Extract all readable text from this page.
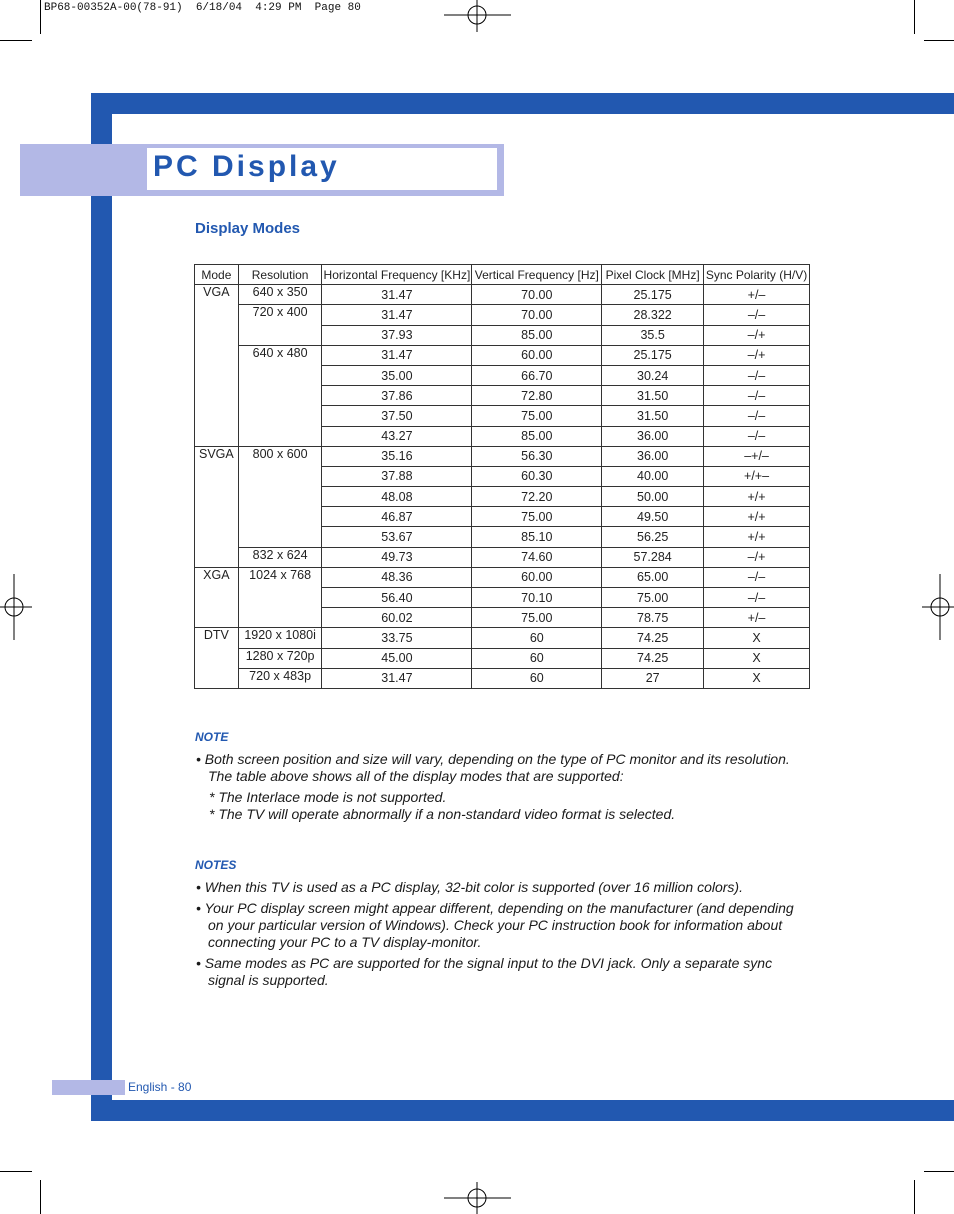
BP68-00352A-00(78-91)  6/18/04  4:29 PM  Page 80
PC Display
Display Modes
Mode	Resolution	Horizontal Frequency [KHz]	Vertical Frequency [Hz]	Pixel Clock [MHz]	Sync Polarity (H/V)
VGA	640 x 350	31.47	70.00	25.175	+/–
	720 x 400	31.47	70.00	28.322	–/–
		37.93	85.00	35.5	–/+
	640 x 480	31.47	60.00	25.175	–/+
		35.00	66.70	30.24	–/–
		37.86	72.80	31.50	–/–
		37.50	75.00	31.50	–/–
		43.27	85.00	36.00	–/–
SVGA	800 x 600	35.16	56.30	36.00	–+/–
		37.88	60.30	40.00	+/+–
		48.08	72.20	50.00	+/+
		46.87	75.00	49.50	+/+
		53.67	85.10	56.25	+/+
	832 x 624	49.73	74.60	57.284	–/+
XGA	1024 x 768	48.36	60.00	65.00	–/–
		56.40	70.10	75.00	–/–
		60.02	75.00	78.75	+/–
DTV	1920 x 1080i	33.75	60	74.25	X
	1280 x 720p	45.00	60	74.25	X
	720 x 483p	31.47	60	27	X
NOTE
• Both screen position and size will vary, depending on the type of PC monitor and its resolution.
The table above shows all of the display modes that are supported:
* The Interlace mode is not supported.
* The TV will operate abnormally if a non-standard video format is selected.
NOTES
• When this TV is used as a PC display, 32-bit color is supported (over 16 million colors).
• Your PC display screen might appear different, depending on the manufacturer (and depending
on your particular version of Windows). Check your PC instruction book for information about
connecting your PC to a TV display-monitor.
• Same modes as PC are supported for the signal input to the DVI jack. Only a separate sync
signal is supported.
English - 80
